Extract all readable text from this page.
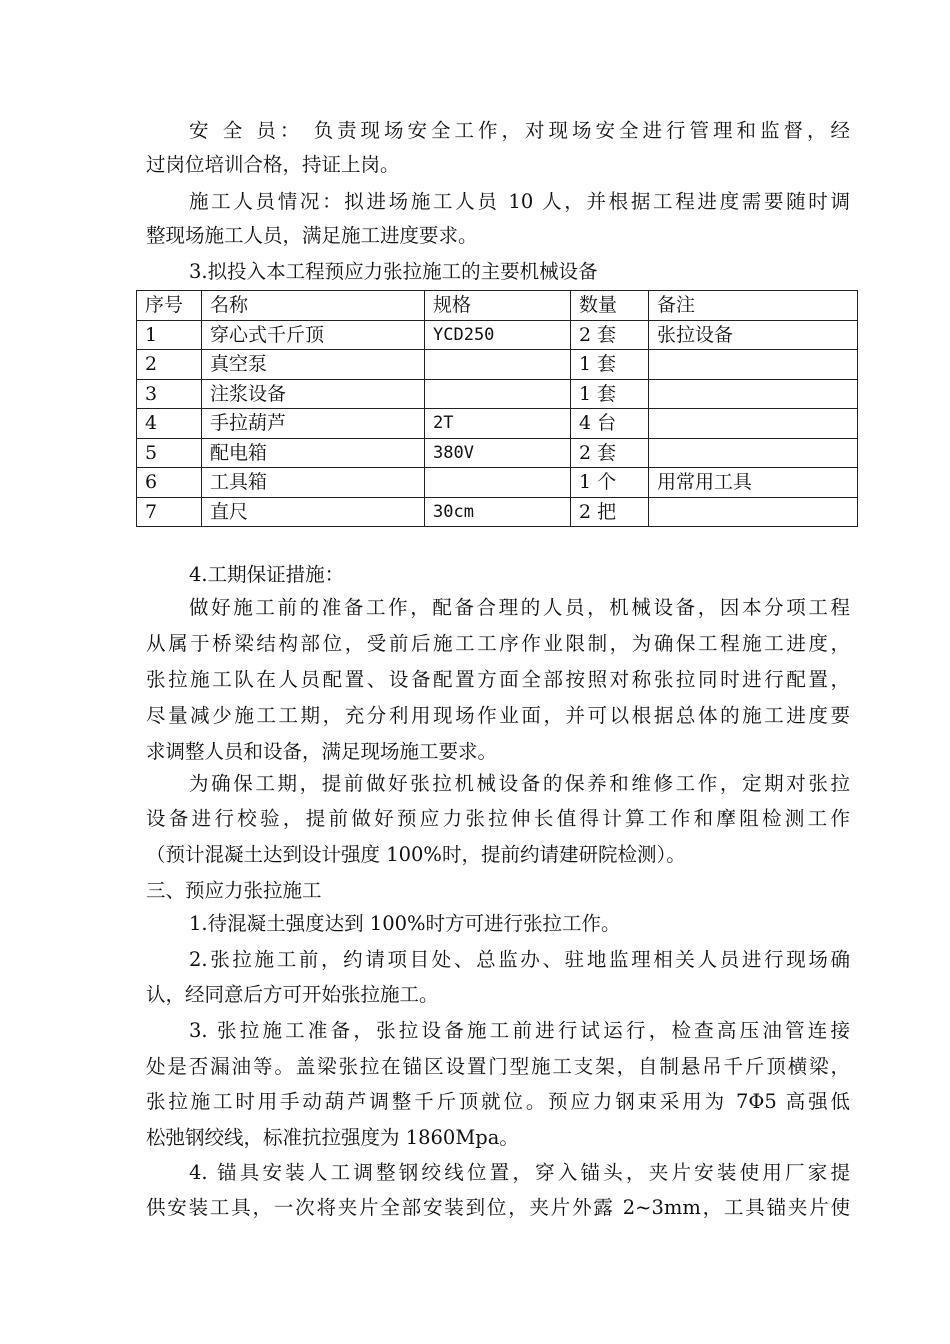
安 全 员： 负责现场安全工作，对现场安全进行管理和监督，经
过岗位培训合格，持证上岗。
施工人员情况：拟进场施工人员 10 人，并根据工程进度需要随时调
整现场施工人员，满足施工进度要求。
3.拟投入本工程预应力张拉施工的主要机械设备
序号	名称	规格	数量	备注
1	穿心式千斤顶	YCD250	2 套	张拉设备
2	真空泵		1 套	
3	注浆设备		1 套	
4	手拉葫芦	2T	4 台	
5	配电箱	380V	2 套	
6	工具箱		1 个	用常用工具
7	直尺	30cm	2 把	
4.工期保证措施：
做好施工前的准备工作，配备合理的人员，机械设备，因本分项工程
从属于桥梁结构部位，受前后施工工序作业限制，为确保工程施工进度，
张拉施工队在人员配置、设备配置方面全部按照对称张拉同时进行配置，
尽量减少施工工期，充分利用现场作业面，并可以根据总体的施工进度要
求调整人员和设备，满足现场施工要求。
为确保工期，提前做好张拉机械设备的保养和维修工作，定期对张拉
设备进行校验，提前做好预应力张拉伸长值得计算工作和摩阻检测工作
（预计混凝土达到设计强度 100%时，提前约请建研院检测）。
三、预应力张拉施工
1.待混凝土强度达到 100%时方可进行张拉工作。
2.张拉施工前，约请项目处、总监办、驻地监理相关人员进行现场确
认，经同意后方可开始张拉施工。
3. 张拉施工准备，张拉设备施工前进行试运行，检查高压油管连接
处是否漏油等。盖梁张拉在锚区设置门型施工支架，自制悬吊千斤顶横梁，
张拉施工时用手动葫芦调整千斤顶就位。预应力钢束采用为 7Φ5 高强低
松弛钢绞线，标准抗拉强度为 1860Mpa。
4. 锚具安装人工调整钢绞线位置，穿入锚头，夹片安装使用厂家提
供安装工具，一次将夹片全部安装到位，夹片外露 2~3mm，工具锚夹片使
